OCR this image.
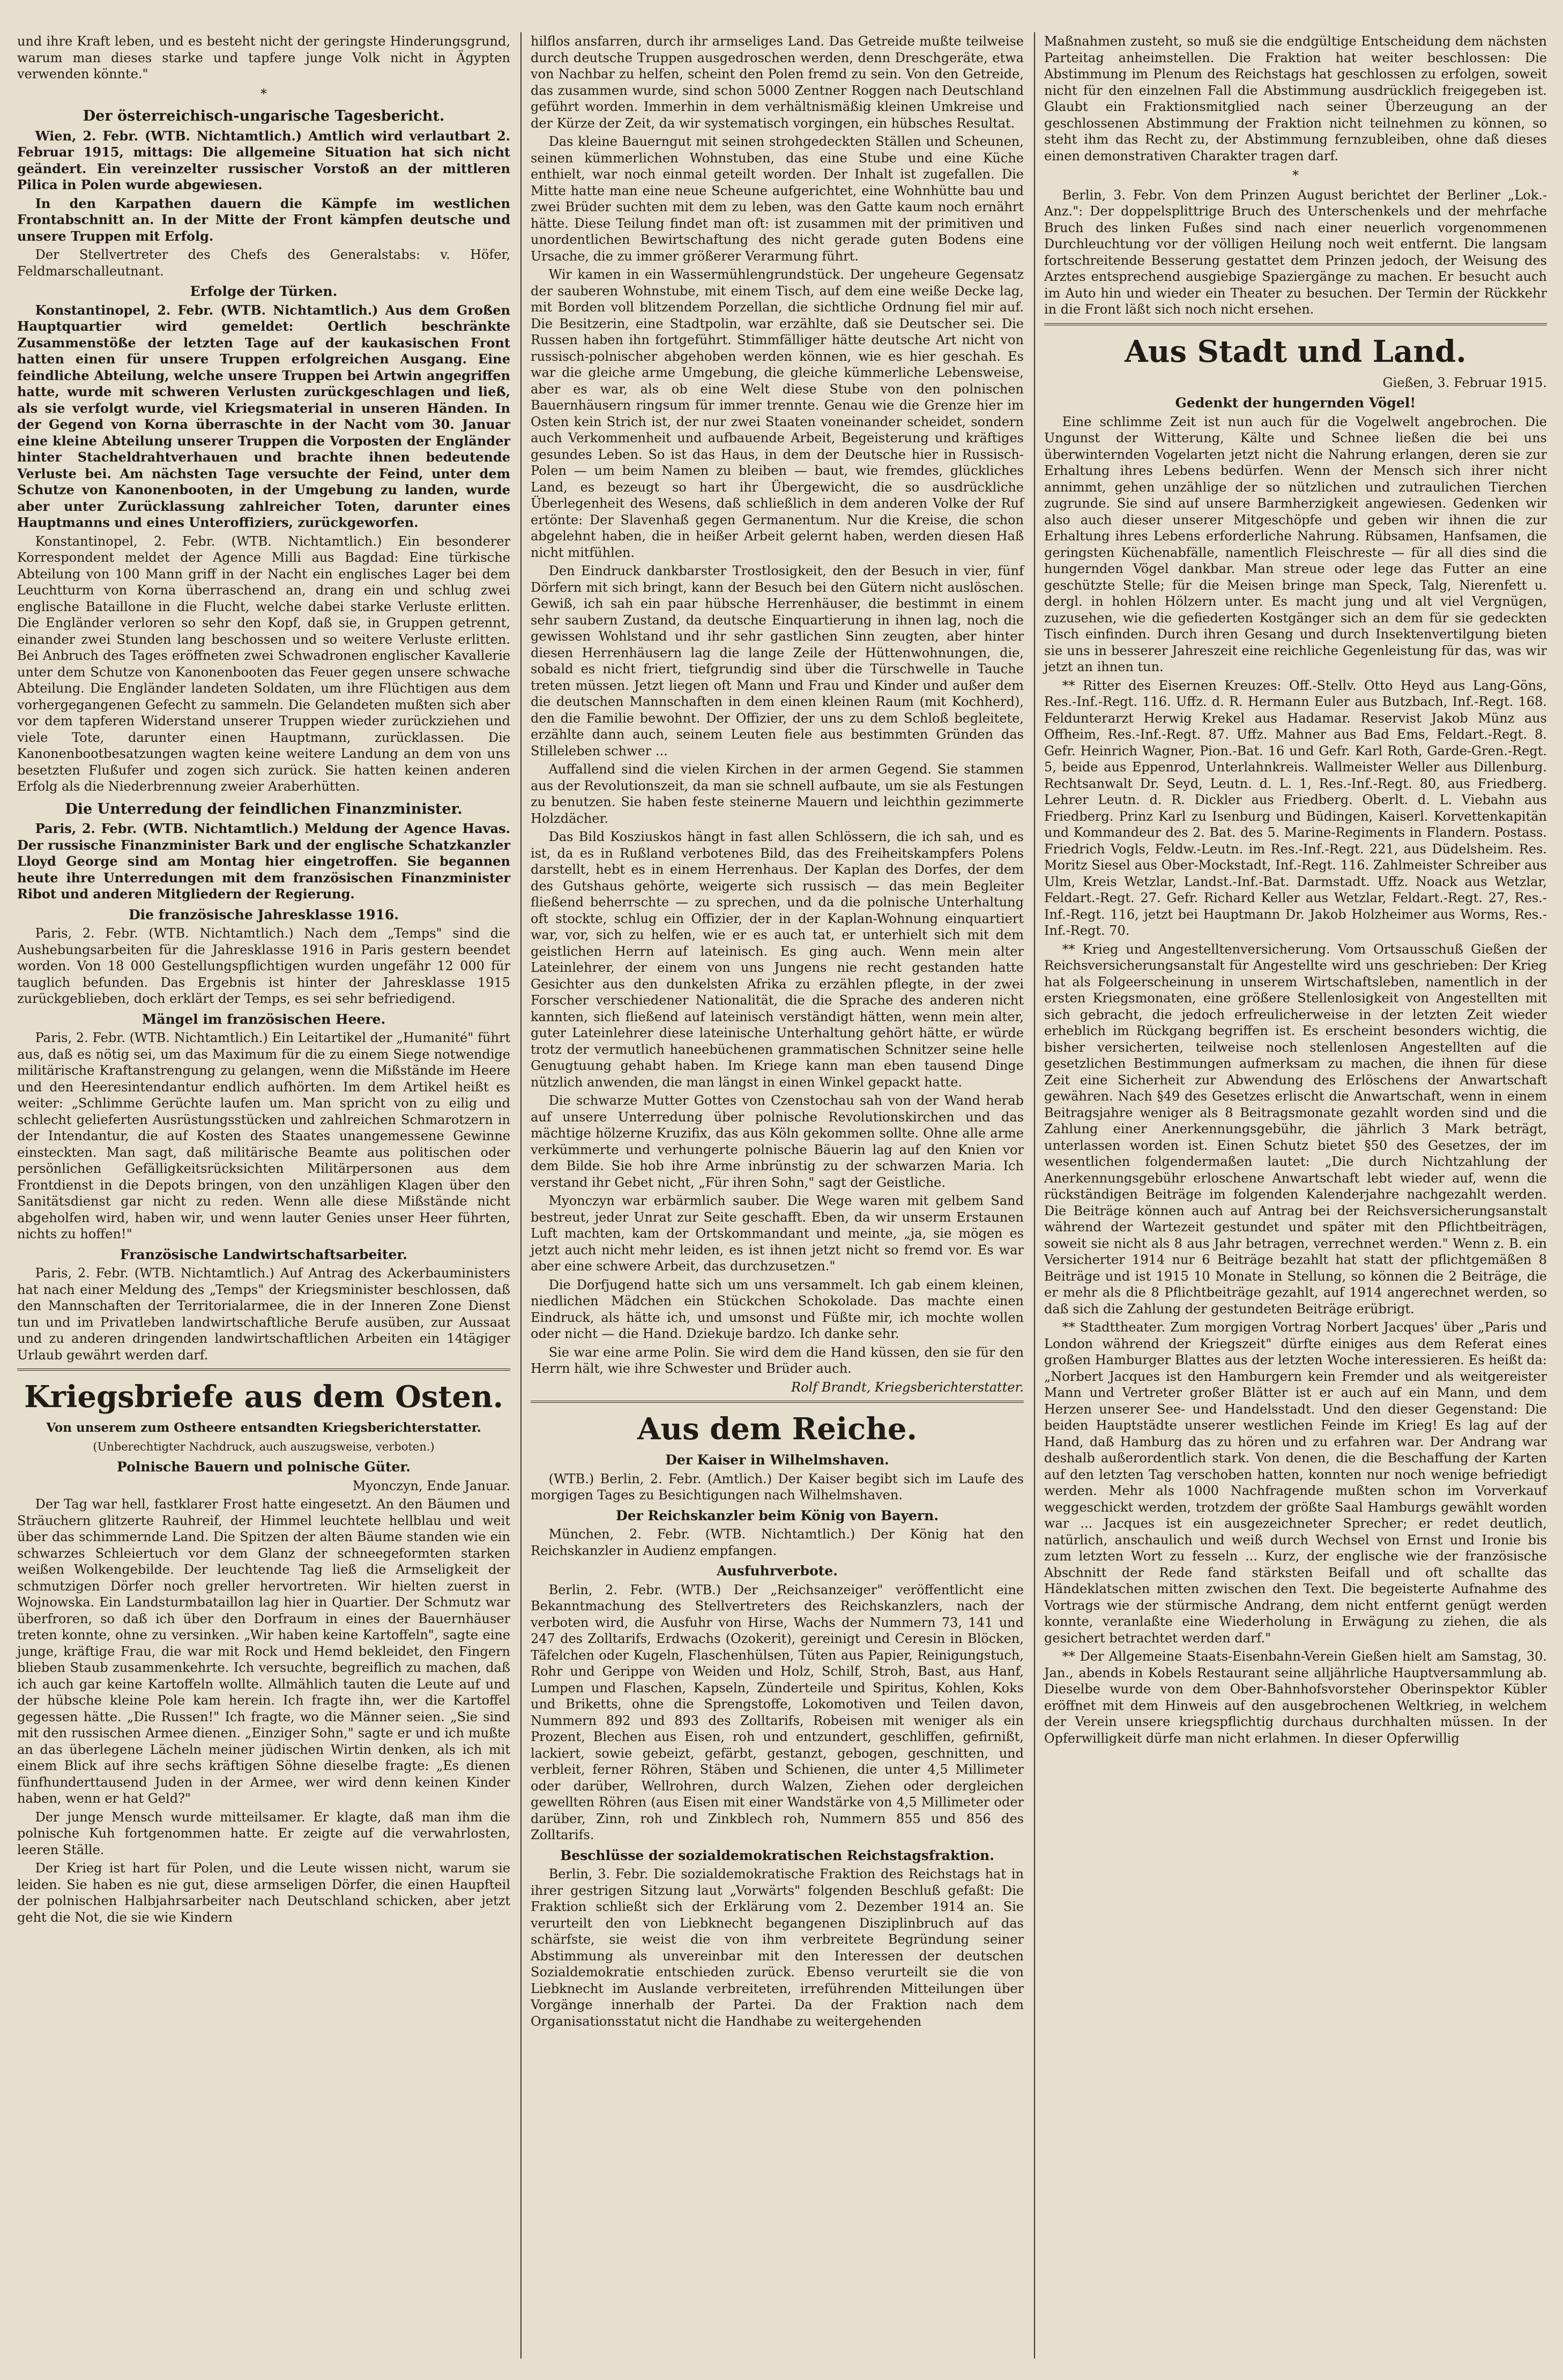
und ihre Kraft leben, und es besteht nicht der geringste Hinderungsgrund, warum man dieses starke und tapfere junge Volk nicht in Ägypten verwenden könnte."

*
Der österreichisch-ungarische Tagesbericht.

Wien, 2. Febr. (WTB. Nichtamtlich.) Amtlich wird verlautbart 2. Februar 1915, mittags: Die allgemeine Situation hat sich nicht geändert. Ein vereinzelter russischer Vorstoß an der mittleren Pilica in Polen wurde abgewiesen.

In den Karpathen dauern die Kämpfe im westlichen Frontabschnitt an. In der Mitte der Front kämpfen deutsche und unsere Truppen mit Erfolg.

Der Stellvertreter des Chefs des Generalstabs: v. Höfer, Feldmarschalleutnant.

Erfolge der Türken.

Konstantinopel, 2. Febr. (WTB. Nichtamtlich.) Aus dem Großen Hauptquartier wird gemeldet: Oertlich beschränkte Zusammenstöße der letzten Tage auf der kaukasischen Front hatten einen für unsere Truppen erfolgreichen Ausgang. Eine feindliche Abteilung, welche unsere Truppen bei Artwin angegriffen hatte, wurde mit schweren Verlusten zurückgeschlagen und ließ, als sie verfolgt wurde, viel Kriegsmaterial in unseren Händen. In der Gegend von Korna überraschte in der Nacht vom 30. Januar eine kleine Abteilung unserer Truppen die Vorposten der Engländer hinter Stacheldrahtverhauen und brachte ihnen bedeutende Verluste bei. Am nächsten Tage versuchte der Feind, unter dem Schutze von Kanonenbooten, in der Umgebung zu landen, wurde aber unter Zurücklassung zahlreicher Toten, darunter eines Hauptmanns und eines Unteroffiziers, zurückgeworfen.

Konstantinopel, 2. Febr. (WTB. Nichtamtlich.) Ein besonderer Korrespondent meldet der Agence Milli aus Bagdad: Eine türkische Abteilung von 100 Mann griff in der Nacht ein englisches Lager bei dem Leuchtturm von Korna überraschend an, drang ein und schlug zwei englische Bataillone in die Flucht, welche dabei starke Verluste erlitten. Die Engländer verloren so sehr den Kopf, daß sie, in Gruppen getrennt, einander zwei Stunden lang beschossen und so weitere Verluste erlitten. Bei Anbruch des Tages eröffneten zwei Schwadronen englischer Kavallerie unter dem Schutze von Kanonenbooten das Feuer gegen unsere schwache Abteilung. Die Engländer landeten Soldaten, um ihre Flüchtigen aus dem vorhergegangenen Gefecht zu sammeln. Die Gelandeten mußten sich aber vor dem tapferen Widerstand unserer Truppen wieder zurückziehen und viele Tote, darunter einen Hauptmann, zurücklassen. Die Kanonenbootbesatzungen wagten keine weitere Landung an dem von uns besetzten Flußufer und zogen sich zurück. Sie hatten keinen anderen Erfolg als die Niederbrennung zweier Araberhütten.

Die Unterredung der feindlichen Finanzminister.

Paris, 2. Febr. (WTB. Nichtamtlich.) Meldung der Agence Havas. Der russische Finanzminister Bark und der englische Schatzkanzler Lloyd George sind am Montag hier eingetroffen. Sie begannen heute ihre Unterredungen mit dem französischen Finanzminister Ribot und anderen Mitgliedern der Regierung.

Die französische Jahresklasse 1916.

Paris, 2. Febr. (WTB. Nichtamtlich.) Nach dem „Temps" sind die Aushebungsarbeiten für die Jahresklasse 1916 in Paris gestern beendet worden. Von 18 000 Gestellungspflichtigen wurden ungefähr 12 000 für tauglich befunden. Das Ergebnis ist hinter der Jahresklasse 1915 zurückgeblieben, doch erklärt der Temps, es sei sehr befriedigend.

Mängel im französischen Heere.

Paris, 2. Febr. (WTB. Nichtamtlich.) Ein Leitartikel der „Humanité" führt aus, daß es nötig sei, um das Maximum für die zu einem Siege notwendige militärische Kraftanstrengung zu gelangen, wenn die Mißstände im Heere und den Heeresintendantur endlich aufhörten. Im dem Artikel heißt es weiter: „Schlimme Gerüchte laufen um. Man spricht von zu eilig und schlecht gelieferten Ausrüstungsstücken und zahlreichen Schmarotzern in der Intendantur, die auf Kosten des Staates unangemessene Gewinne einsteckten. Man sagt, daß militärische Beamte aus politischen oder persönlichen Gefälligkeitsrücksichten Militärpersonen aus dem Frontdienst in die Depots bringen, von den unzähligen Klagen über den Sanitätsdienst gar nicht zu reden. Wenn alle diese Mißstände nicht abgeholfen wird, haben wir, und wenn lauter Genies unser Heer führten, nichts zu hoffen!"

Französische Landwirtschaftsarbeiter.

Paris, 2. Febr. (WTB. Nichtamtlich.) Auf Antrag des Ackerbauministers hat nach einer Meldung des „Temps" der Kriegsminister beschlossen, daß den Mannschaften der Territorialarmee, die in der Inneren Zone Dienst tun und im Privatleben landwirtschaftliche Berufe ausüben, zur Aussaat und zu anderen dringenden landwirtschaftlichen Arbeiten ein 14tägiger Urlaub gewährt werden darf.

Kriegsbriefe aus dem Osten.
Von unserem zum Ostheere entsandten Kriegsberichterstatter.
(Unberechtigter Nachdruck, auch auszugsweise, verboten.)
Polnische Bauern und polnische Güter.
Myonczyn, Ende Januar.

Der Tag war hell, fastklarer Frost hatte eingesetzt. An den Bäumen und Sträuchern glitzerte Rauhreif, der Himmel leuchtete hellblau und weit über das schimmernde Land. Die Spitzen der alten Bäume standen wie ein schwarzes Schleiertuch vor dem Glanz der schneegeformten starken weißen Wolkengebilde. Der leuchtende Tag ließ die Armseligkeit der schmutzigen Dörfer noch greller hervortreten. Wir hielten zuerst in Wojnowska. Ein Landsturmbataillon lag hier in Quartier. Der Schmutz war überfroren, so daß ich über den Dorfraum in eines der Bauernhäuser treten konnte, ohne zu versinken. „Wir haben keine Kartoffeln", sagte eine junge, kräftige Frau, die war mit Rock und Hemd bekleidet, den Fingern blieben Staub zusammenkehrte. Ich versuchte, begreiflich zu machen, daß ich auch gar keine Kartoffeln wollte. Allmählich tauten die Leute auf und der hübsche kleine Pole kam herein. Ich fragte ihn, wer die Kartoffel gegessen hätte. „Die Russen!" Ich fragte, wo die Männer seien. „Sie sind mit den russischen Armee dienen. „Einziger Sohn," sagte er und ich mußte an das überlegene Lächeln meiner jüdischen Wirtin denken, als ich mit einem Blick auf ihre sechs kräftigen Söhne dieselbe fragte: „Es dienen fünfhunderttausend Juden in der Armee, wer wird denn keinen Kinder haben, wenn er hat Geld?"

Der junge Mensch wurde mitteilsamer. Er klagte, daß man ihm die polnische Kuh fortgenommen hatte. Er zeigte auf die verwahrlosten, leeren Ställe.

Der Krieg ist hart für Polen, und die Leute wissen nicht, warum sie leiden. Sie haben es nie gut, diese armseligen Dörfer, die einen Haupfteil der polnischen Halbjahrsarbeiter nach Deutschland schicken, aber jetzt geht die Not, die sie wie Kindern

hilflos ansfarren, durch ihr armseliges Land. Das Getreide mußte teilweise durch deutsche Truppen ausgedroschen werden, denn Dreschgeräte, etwa von Nachbar zu helfen, scheint den Polen fremd zu sein. Von den Getreide, das zusammen wurde, sind schon 5000 Zentner Roggen nach Deutschland geführt worden. Immerhin in dem verhältnismäßig kleinen Umkreise und der Kürze der Zeit, da wir systematisch vorgingen, ein hübsches Resultat.

Das kleine Bauerngut mit seinen strohgedeckten Ställen und Scheunen, seinen kümmerlichen Wohnstuben, das eine Stube und eine Küche enthielt, war noch einmal geteilt worden. Der Inhalt ist zugefallen. Die Mitte hatte man eine neue Scheune aufgerichtet, eine Wohnhütte bau und zwei Brüder suchten mit dem zu leben, was den Gatte kaum noch ernährt hätte. Diese Teilung findet man oft: ist zusammen mit der primitiven und unordentlichen Bewirtschaftung des nicht gerade guten Bodens eine Ursache, die zu immer größerer Verarmung führt.

Wir kamen in ein Wassermühlengrundstück. Der ungeheure Gegensatz der sauberen Wohnstube, mit einem Tisch, auf dem eine weiße Decke lag, mit Borden voll blitzendem Porzellan, die sichtliche Ordnung fiel mir auf. Die Besitzerin, eine Stadtpolin, war erzählte, daß sie Deutscher sei. Die Russen haben ihn fortgeführt. Stimmfälliger hätte deutsche Art nicht von russisch-polnischer abgehoben werden können, wie es hier geschah. Es war die gleiche arme Umgebung, die gleiche kümmerliche Lebensweise, aber es war, als ob eine Welt diese Stube von den polnischen Bauernhäusern ringsum für immer trennte. Genau wie die Grenze hier im Osten kein Strich ist, der nur zwei Staaten voneinander scheidet, sondern auch Verkommenheit und aufbauende Arbeit, Begeisterung und kräftiges gesundes Leben. So ist das Haus, in dem der Deutsche hier in Russisch-Polen — um beim Namen zu bleiben — baut, wie fremdes, glückliches Land, es bezeugt so hart ihr Übergewicht, die so ausdrückliche Überlegenheit des Wesens, daß schließlich in dem anderen Volke der Ruf ertönte: Der Slavenhaß gegen Germanentum. Nur die Kreise, die schon abgelehnt haben, die in heißer Arbeit gelernt haben, werden diesen Haß nicht mitfühlen.

Den Eindruck dankbarster Trostlosigkeit, den der Besuch in vier, fünf Dörfern mit sich bringt, kann der Besuch bei den Gütern nicht auslöschen. Gewiß, ich sah ein paar hübsche Herrenhäuser, die bestimmt in einem sehr saubern Zustand, da deutsche Einquartierung in ihnen lag, noch die gewissen Wohlstand und ihr sehr gastlichen Sinn zeugten, aber hinter diesen Herrenhäusern lag die lange Zeile der Hüttenwohnungen, die, sobald es nicht friert, tiefgrundig sind über die Türschwelle in Tauche treten müssen. Jetzt liegen oft Mann und Frau und Kinder und außer dem die deutschen Mannschaften in dem einen kleinen Raum (mit Kochherd), den die Familie bewohnt. Der Offizier, der uns zu dem Schloß begleitete, erzählte dann auch, seinem Leuten fiele aus bestimmten Gründen das Stilleleben schwer ...

Auffallend sind die vielen Kirchen in der armen Gegend. Sie stammen aus der Revolutionszeit, da man sie schnell aufbaute, um sie als Festungen zu benutzen. Sie haben feste steinerne Mauern und leichthin gezimmerte Holzdächer.

Das Bild Kosziuskos hängt in fast allen Schlössern, die ich sah, und es ist, da es in Rußland verbotenes Bild, das des Freiheitskampfers Polens darstellt, hebt es in einem Herrenhaus. Der Kaplan des Dorfes, der dem des Gutshaus gehörte, weigerte sich russisch — das mein Begleiter fließend beherrschte — zu sprechen, und da die polnische Unterhaltung oft stockte, schlug ein Offizier, der in der Kaplan-Wohnung einquartiert war, vor, sich zu helfen, wie er es auch tat, er unterhielt sich mit dem geistlichen Herrn auf lateinisch. Es ging auch. Wenn mein alter Lateinlehrer, der einem von uns Jungens nie recht gestanden hatte Gesichter aus den dunkelsten Afrika zu erzählen pflegte, in der zwei Forscher verschiedener Nationalität, die die Sprache des anderen nicht kannten, sich fließend auf lateinisch verständigt hätten, wenn mein alter, guter Lateinlehrer diese lateinische Unterhaltung gehört hätte, er würde trotz der vermutlich haneebüchenen grammatischen Schnitzer seine helle Genugtuung gehabt haben. Im Kriege kann man eben tausend Dinge nützlich anwenden, die man längst in einen Winkel gepackt hatte.

Die schwarze Mutter Gottes von Czenstochau sah von der Wand herab auf unsere Unterredung über polnische Revolutionskirchen und das mächtige hölzerne Kruzifix, das aus Köln gekommen sollte. Ohne alle arme verkümmerte und verhungerte polnische Bäuerin lag auf den Knien vor dem Bilde. Sie hob ihre Arme inbrünstig zu der schwarzen Maria. Ich verstand ihr Gebet nicht, „Für ihren Sohn," sagt der Geistliche.

Myonczyn war erbärmlich sauber. Die Wege waren mit gelbem Sand bestreut, jeder Unrat zur Seite geschafft. Eben, da wir unserm Erstaunen Luft machten, kam der Ortskommandant und meinte, „ja, sie mögen es jetzt auch nicht mehr leiden, es ist ihnen jetzt nicht so fremd vor. Es war aber eine schwere Arbeit, das durchzusetzen."

Die Dorfjugend hatte sich um uns versammelt. Ich gab einem kleinen, niedlichen Mädchen ein Stückchen Schokolade. Das machte einen Eindruck, als hätte ich, und umsonst und Füßte mir, ich mochte wollen oder nicht — die Hand. Dziekuje bardzo. Ich danke sehr.

Sie war eine arme Polin. Sie wird dem die Hand küssen, den sie für den Herrn hält, wie ihre Schwester und Brüder auch.

Rolf Brandt, Kriegsberichterstatter.
Aus dem Reiche.
Der Kaiser in Wilhelmshaven.

(WTB.) Berlin, 2. Febr. (Amtlich.) Der Kaiser begibt sich im Laufe des morgigen Tages zu Besichtigungen nach Wilhelmshaven.

Der Reichskanzler beim König von Bayern.

München, 2. Febr. (WTB. Nichtamtlich.) Der König hat den Reichskanzler in Audienz empfangen.

Ausfuhrverbote.

Berlin, 2. Febr. (WTB.) Der „Reichsanzeiger" veröffentlicht eine Bekanntmachung des Stellvertreters des Reichskanzlers, nach der verboten wird, die Ausfuhr von Hirse, Wachs der Nummern 73, 141 und 247 des Zolltarifs, Erdwachs (Ozokerit), gereinigt und Ceresin in Blöcken, Täfelchen oder Kugeln, Flaschenhülsen, Tüten aus Papier, Reinigungstuch, Rohr und Gerippe von Weiden und Holz, Schilf, Stroh, Bast, aus Hanf, Lumpen und Flaschen, Kapseln, Zünderteile und Spiritus, Kohlen, Koks und Briketts, ohne die Sprengstoffe, Lokomotiven und Teilen davon, Nummern 892 und 893 des Zolltarifs, Robeisen mit weniger als ein Prozent, Blechen aus Eisen, roh und entzundert, geschliffen, gefirnißt, lackiert, sowie gebeizt, gefärbt, gestanzt, gebogen, geschnitten, und verbleit, ferner Röhren, Stäben und Schienen, die unter 4,5 Millimeter oder darüber, Wellrohren, durch Walzen, Ziehen oder dergleichen gewellten Röhren (aus Eisen mit einer Wandstärke von 4,5 Millimeter oder darüber, Zinn, roh und Zinkblech roh, Nummern 855 und 856 des Zolltarifs.

Beschlüsse der sozialdemokratischen Reichstagsfraktion.

Berlin, 3. Febr. Die sozialdemokratische Fraktion des Reichstags hat in ihrer gestrigen Sitzung laut „Vorwärts" folgenden Beschluß gefaßt: Die Fraktion schließt sich der Erklärung vom 2. Dezember 1914 an. Sie verurteilt den von Liebknecht begangenen Disziplinbruch auf das schärfste, sie weist die von ihm verbreitete Begründung seiner Abstimmung als unvereinbar mit den Interessen der deutschen Sozialdemokratie entschieden zurück. Ebenso verurteilt sie die von Liebknecht im Auslande verbreiteten, irreführenden Mitteilungen über Vorgänge innerhalb der Partei. Da der Fraktion nach dem Organisationsstatut nicht die Handhabe zu weitergehenden

Maßnahmen zusteht, so muß sie die endgültige Entscheidung dem nächsten Parteitag anheimstellen. Die Fraktion hat weiter beschlossen: Die Abstimmung im Plenum des Reichstags hat geschlossen zu erfolgen, soweit nicht für den einzelnen Fall die Abstimmung ausdrücklich freigegeben ist. Glaubt ein Fraktionsmitglied nach seiner Überzeugung an der geschlossenen Abstimmung der Fraktion nicht teilnehmen zu können, so steht ihm das Recht zu, der Abstimmung fernzubleiben, ohne daß dieses einen demonstrativen Charakter tragen darf.

*

Berlin, 3. Febr. Von dem Prinzen August berichtet der Berliner „Lok.-Anz.": Der doppelsplittrige Bruch des Unterschenkels und der mehrfache Bruch des linken Fußes sind nach einer neuerlich vorgenommenen Durchleuchtung vor der völligen Heilung noch weit entfernt. Die langsam fortschreitende Besserung gestattet dem Prinzen jedoch, der Weisung des Arztes entsprechend ausgiebige Spaziergänge zu machen. Er besucht auch im Auto hin und wieder ein Theater zu besuchen. Der Termin der Rückkehr in die Front läßt sich noch nicht ersehen.

Aus Stadt und Land.
Gießen, 3. Februar 1915.
Gedenkt der hungernden Vögel!

Eine schlimme Zeit ist nun auch für die Vogelwelt angebrochen. Die Ungunst der Witterung, Kälte und Schnee ließen die bei uns überwinternden Vogelarten jetzt nicht die Nahrung erlangen, deren sie zur Erhaltung ihres Lebens bedürfen. Wenn der Mensch sich ihrer nicht annimmt, gehen unzählige der so nützlichen und zutraulichen Tierchen zugrunde. Sie sind auf unsere Barmherzigkeit angewiesen. Gedenken wir also auch dieser unserer Mitgeschöpfe und geben wir ihnen die zur Erhaltung ihres Lebens erforderliche Nahrung. Rübsamen, Hanfsamen, die geringsten Küchenabfälle, namentlich Fleischreste — für all dies sind die hungernden Vögel dankbar. Man streue oder lege das Futter an eine geschützte Stelle; für die Meisen bringe man Speck, Talg, Nierenfett u. dergl. in hohlen Hölzern unter. Es macht jung und alt viel Vergnügen, zuzusehen, wie die gefiederten Kostgänger sich an dem für sie gedeckten Tisch einfinden. Durch ihren Gesang und durch Insektenvertilgung bieten sie uns in besserer Jahreszeit eine reichliche Gegenleistung für das, was wir jetzt an ihnen tun.

** Ritter des Eisernen Kreuzes: Off.-Stellv. Otto Heyd aus Lang-Göns, Res.-Inf.-Regt. 116. Uffz. d. R. Hermann Euler aus Butzbach, Inf.-Regt. 168. Feldunterarzt Herwig Krekel aus Hadamar. Reservist Jakob Münz aus Offheim, Res.-Inf.-Regt. 87. Uffz. Mahner aus Bad Ems, Feldart.-Regt. 8. Gefr. Heinrich Wagner, Pion.-Bat. 16 und Gefr. Karl Roth, Garde-Gren.-Regt. 5, beide aus Eppenrod, Unterlahnkreis. Wallmeister Weller aus Dillenburg. Rechtsanwalt Dr. Seyd, Leutn. d. L. 1, Res.-Inf.-Regt. 80, aus Friedberg. Lehrer Leutn. d. R. Dickler aus Friedberg. Oberlt. d. L. Viebahn aus Friedberg. Prinz Karl zu Isenburg und Büdingen, Kaiserl. Korvettenkapitän und Kommandeur des 2. Bat. des 5. Marine-Regiments in Flandern. Postass. Friedrich Vogls, Feldw.-Leutn. im Res.-Inf.-Regt. 221, aus Düdelsheim. Res. Moritz Siesel aus Ober-Mockstadt, Inf.-Regt. 116. Zahlmeister Schreiber aus Ulm, Kreis Wetzlar, Landst.-Inf.-Bat. Darmstadt. Uffz. Noack aus Wetzlar, Feldart.-Regt. 27. Gefr. Richard Keller aus Wetzlar, Feldart.-Regt. 27, Res.-Inf.-Regt. 116, jetzt bei Hauptmann Dr. Jakob Holzheimer aus Worms, Res.-Inf.-Regt. 70.

** Krieg und Angestelltenversicherung. Vom Ortsausschuß Gießen der Reichsversicherungsanstalt für Angestellte wird uns geschrieben: Der Krieg hat als Folgeerscheinung in unserem Wirtschaftsleben, namentlich in der ersten Kriegsmonaten, eine größere Stellenlosigkeit von Angestellten mit sich gebracht, die jedoch erfreulicherweise in der letzten Zeit wieder erheblich im Rückgang begriffen ist. Es erscheint besonders wichtig, die bisher versicherten, teilweise noch stellenlosen Angestellten auf die gesetzlichen Bestimmungen aufmerksam zu machen, die ihnen für diese Zeit eine Sicherheit zur Abwendung des Erlöschens der Anwartschaft gewähren. Nach §49 des Gesetzes erlischt die Anwartschaft, wenn in einem Beitragsjahre weniger als 8 Beitragsmonate gezahlt worden sind und die Zahlung einer Anerkennungsgebühr, die jährlich 3 Mark beträgt, unterlassen worden ist. Einen Schutz bietet §50 des Gesetzes, der im wesentlichen folgendermaßen lautet: „Die durch Nichtzahlung der Anerkennungsgebühr erloschene Anwartschaft lebt wieder auf, wenn die rückständigen Beiträge im folgenden Kalenderjahre nachgezahlt werden. Die Beiträge können auch auf Antrag bei der Reichsversicherungsanstalt während der Wartezeit gestundet und später mit den Pflichtbeiträgen, soweit sie nicht als 8 aus Jahr betragen, verrechnet werden." Wenn z. B. ein Versicherter 1914 nur 6 Beiträge bezahlt hat statt der pflichtgemäßen 8 Beiträge und ist 1915 10 Monate in Stellung, so können die 2 Beiträge, die er mehr als die 8 Pflichtbeiträge gezahlt, auf 1914 angerechnet werden, so daß sich die Zahlung der gestundeten Beiträge erübrigt.

** Stadttheater. Zum morgigen Vortrag Norbert Jacques' über „Paris und London während der Kriegszeit" dürfte einiges aus dem Referat eines großen Hamburger Blattes aus der letzten Woche interessieren. Es heißt da: „Norbert Jacques ist den Hamburgern kein Fremder und als weitgereister Mann und Vertreter großer Blätter ist er auch auf ein Mann, und dem Herzen unserer See- und Handelsstadt. Und den dieser Gegenstand: Die beiden Hauptstädte unserer westlichen Feinde im Krieg! Es lag auf der Hand, daß Hamburg das zu hören und zu erfahren war. Der Andrang war deshalb außerordentlich stark. Von denen, die die Beschaffung der Karten auf den letzten Tag verschoben hatten, konnten nur noch wenige befriedigt werden. Mehr als 1000 Nachfragende mußten schon im Vorverkauf weggeschickt werden, trotzdem der größte Saal Hamburgs gewählt worden war ... Jacques ist ein ausgezeichneter Sprecher; er redet deutlich, natürlich, anschaulich und weiß durch Wechsel von Ernst und Ironie bis zum letzten Wort zu fesseln ... Kurz, der englische wie der französische Abschnitt der Rede fand stärksten Beifall und oft schallte das Händeklatschen mitten zwischen den Text. Die begeisterte Aufnahme des Vortrags wie der stürmische Andrang, dem nicht entfernt genügt werden konnte, veranlaßte eine Wiederholung in Erwägung zu ziehen, die als gesichert betrachtet werden darf."

** Der Allgemeine Staats-Eisenbahn-Verein Gießen hielt am Samstag, 30. Jan., abends in Kobels Restaurant seine alljährliche Hauptversammlung ab. Dieselbe wurde von dem Ober-Bahnhofsvorsteher Oberinspektor Kübler eröffnet mit dem Hinweis auf den ausgebrochenen Weltkrieg, in welchem der Verein unsere kriegspflichtig durchaus durchhalten müssen. In der Opferwilligkeit dürfe man nicht erlahmen. In dieser Opferwillig
